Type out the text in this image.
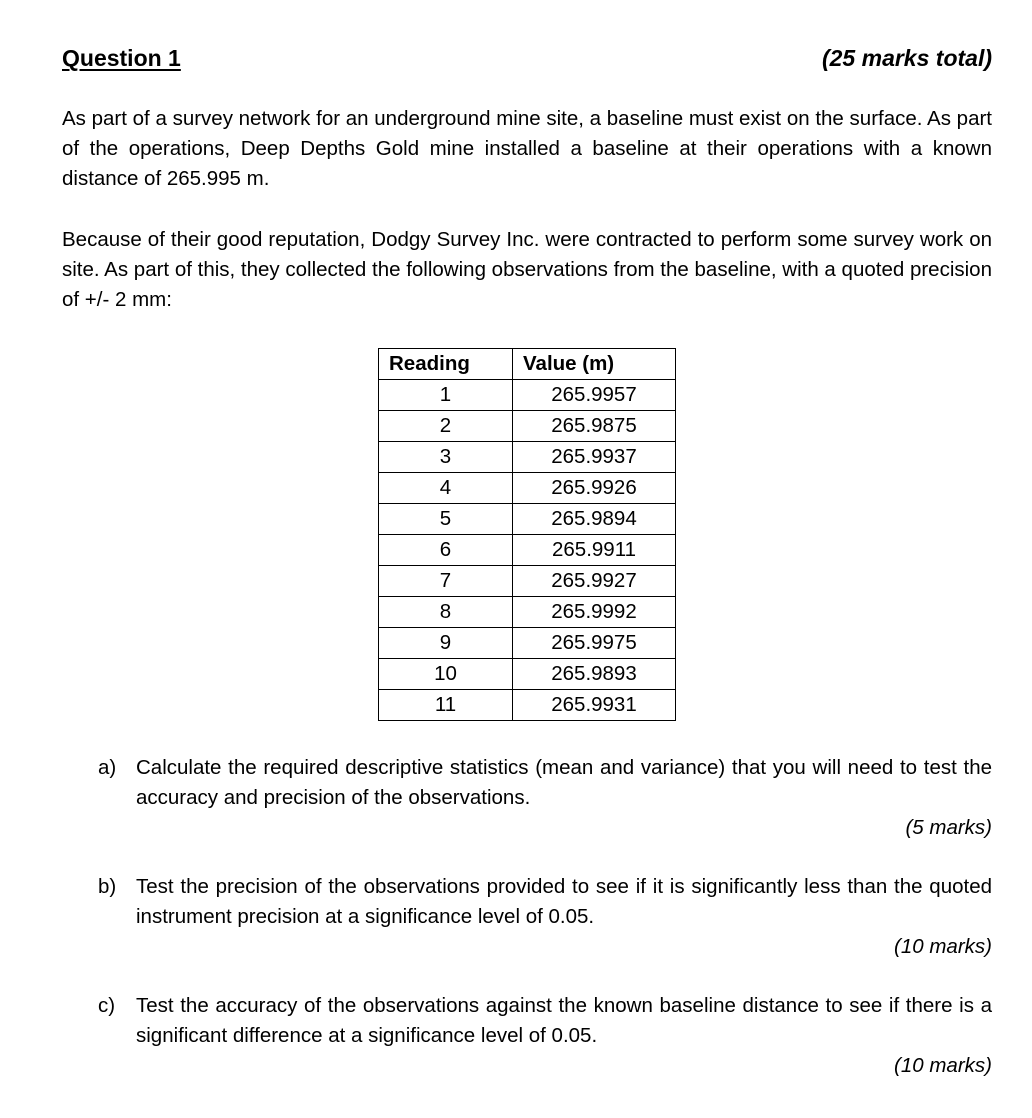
Question 1	(25 marks total)

As part of a survey network for an underground mine site, a baseline must exist on the surface. As part of the operations, Deep Depths Gold mine installed a baseline at their operations with a known distance of 265.995 m.

Because of their good reputation, Dodgy Survey Inc. were contracted to perform some survey work on site. As part of this, they collected the following observations from the baseline, with a quoted precision of +/- 2 mm:

Reading	Value (m)
1	265.9957
2	265.9875
3	265.9937
4	265.9926
5	265.9894
6	265.9911
7	265.9927
8	265.9992
9	265.9975
10	265.9893
11	265.9931
a) Calculate the required descriptive statistics (mean and variance) that you will need to test the accuracy and precision of the observations.
(5 marks)
b) Test the precision of the observations provided to see if it is significantly less than the quoted instrument precision at a significance level of 0.05.
(10 marks)
c)	Test the accuracy of the observations against the known baseline distance to see if there is a significant difference at a significance level of 0.05.
(10 marks)
